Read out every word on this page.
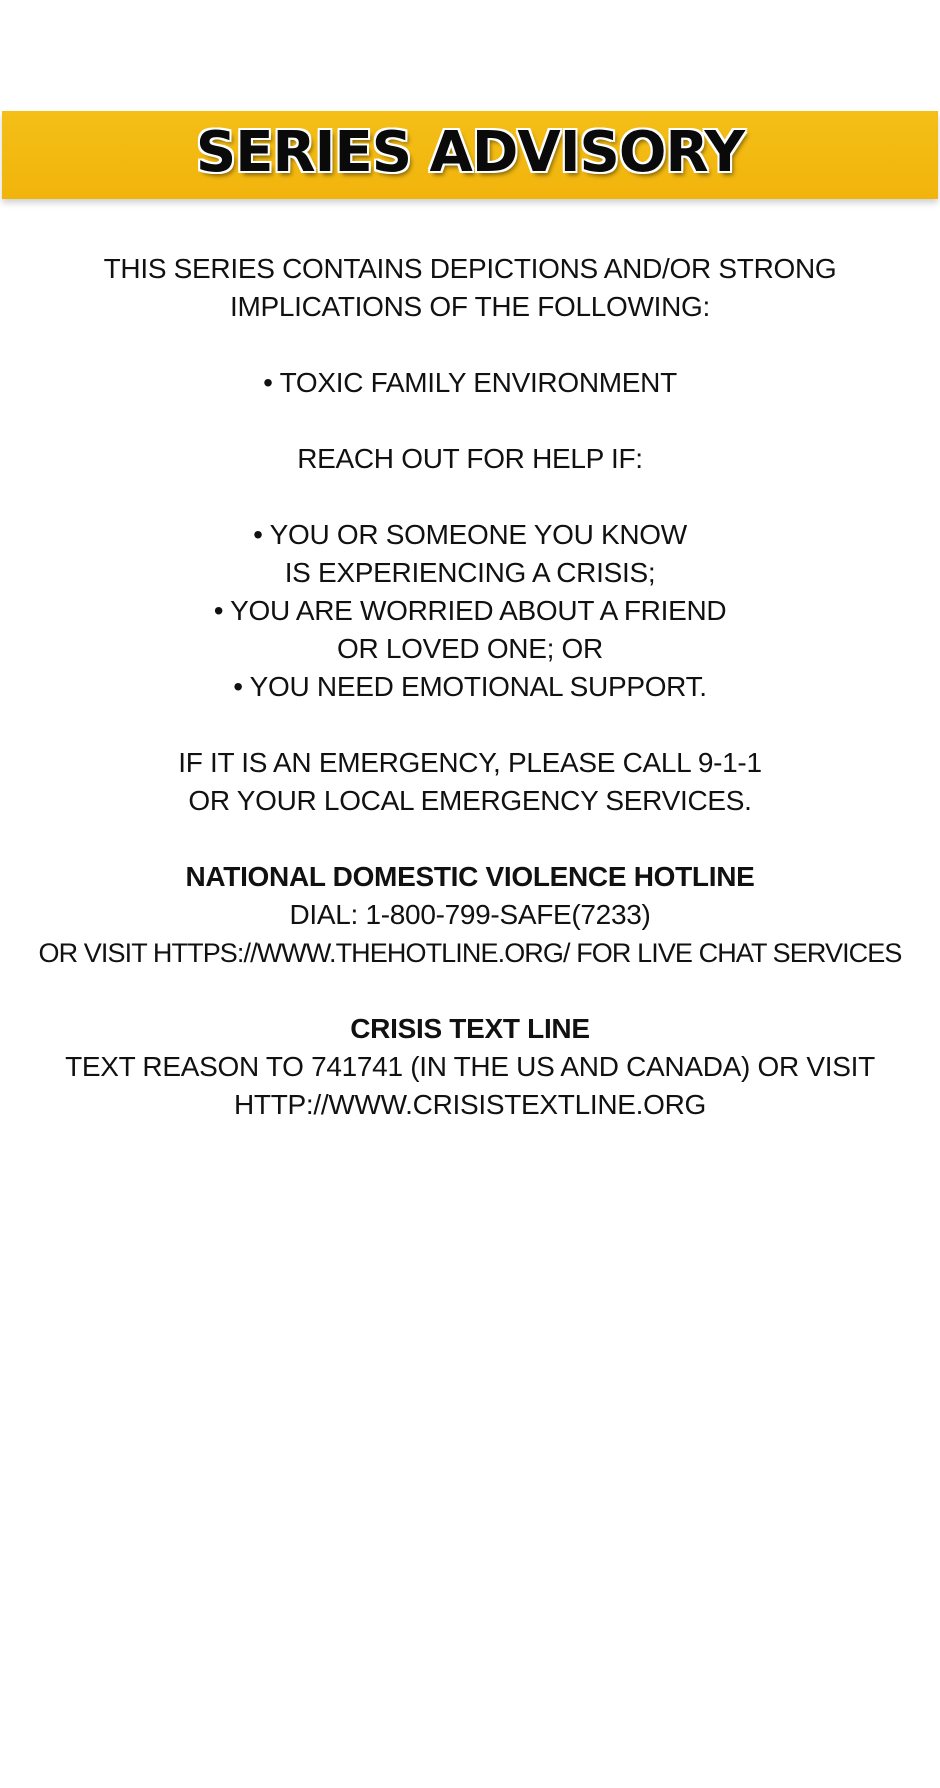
SERIES ADVISORY
THIS SERIES CONTAINS DEPICTIONS AND/OR STRONG
IMPLICATIONS OF THE FOLLOWING:
• TOXIC FAMILY ENVIRONMENT
REACH OUT FOR HELP IF:
• YOU OR SOMEONE YOU KNOW
IS EXPERIENCING A CRISIS;
• YOU ARE WORRIED ABOUT A FRIEND
OR LOVED ONE; OR
• YOU NEED EMOTIONAL SUPPORT.
IF IT IS AN EMERGENCY, PLEASE CALL 9-1-1
OR YOUR LOCAL EMERGENCY SERVICES.
NATIONAL DOMESTIC VIOLENCE HOTLINE
DIAL: 1-800-799-SAFE(7233)
OR VISIT HTTPS://WWW.THEHOTLINE.ORG/ FOR LIVE CHAT SERVICES
CRISIS TEXT LINE
TEXT REASON TO 741741 (IN THE US AND CANADA) OR VISIT
HTTP://WWW.CRISISTEXTLINE.ORG
